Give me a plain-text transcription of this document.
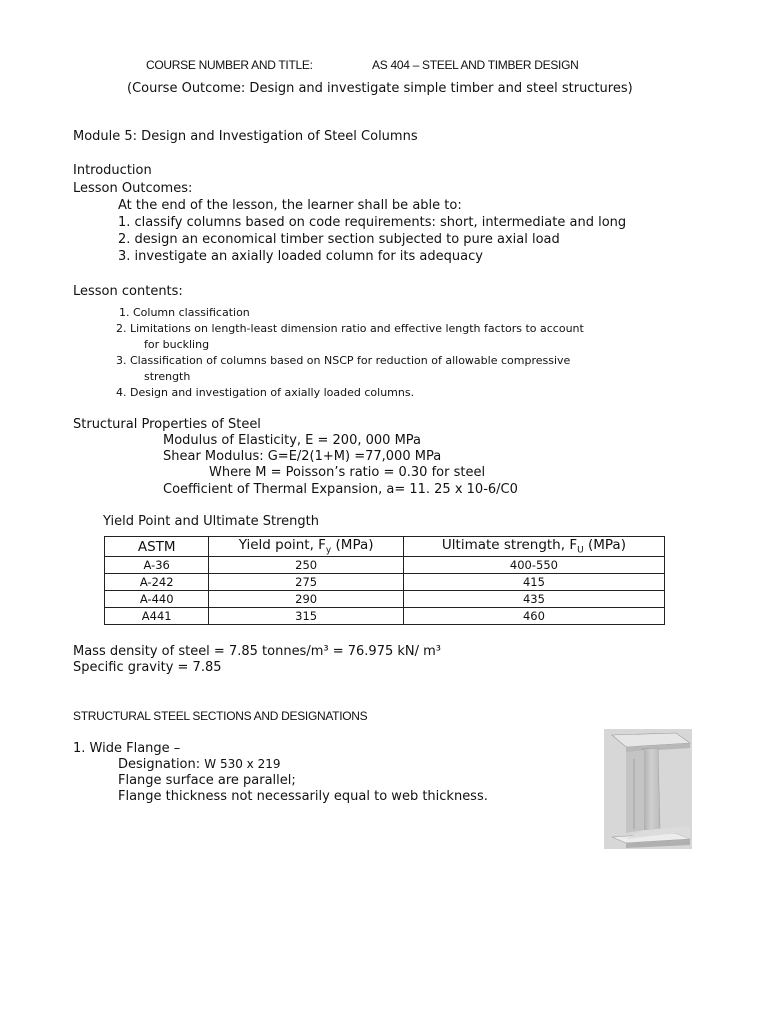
COURSE NUMBER AND TITLE:	AS 404 – STEEL AND TIMBER DESIGN
(Course Outcome: Design and investigate simple timber and steel structures)
Module 5: Design and Investigation of Steel Columns
Introduction
Lesson Outcomes:
At the end of the lesson, the learner shall be able to:
1. classify columns based on code requirements: short, intermediate and long
2. design an economical timber section subjected to pure axial load
3. investigate an axially loaded column for its adequacy
Lesson contents:
1. Column classification
2. Limitations on length-least dimension ratio and effective length factors to account
for buckling
3. Classification of columns based on NSCP for reduction of allowable compressive
strength
4. Design and investigation of axially loaded columns.
Structural Properties of Steel
Modulus of Elasticity, E = 200, 000 MPa
Shear Modulus: G=E/2(1+M) =77,000 MPa
Where M = Poisson’s ratio = 0.30 for steel
Coefficient of Thermal Expansion, a= 11. 25 x 10-6/C0
Yield Point and Ultimate Strength
ASTM	Yield point, $F_y$ (MPa)	Ultimate strength, $F_U$ (MPa)
A-36	250	400-550
A-242	275	415
A-440	290	435
A441	315	460
Mass density of steel = 7.85 tonnes/m³ = 76.975 kN/ m³
Specific gravity = 7.85
STRUCTURAL STEEL SECTIONS AND DESIGNATIONS
1. Wide Flange –
Designation: W 530 x 219
Flange surface are parallel;
Flange thickness not necessarily equal to web thickness.
